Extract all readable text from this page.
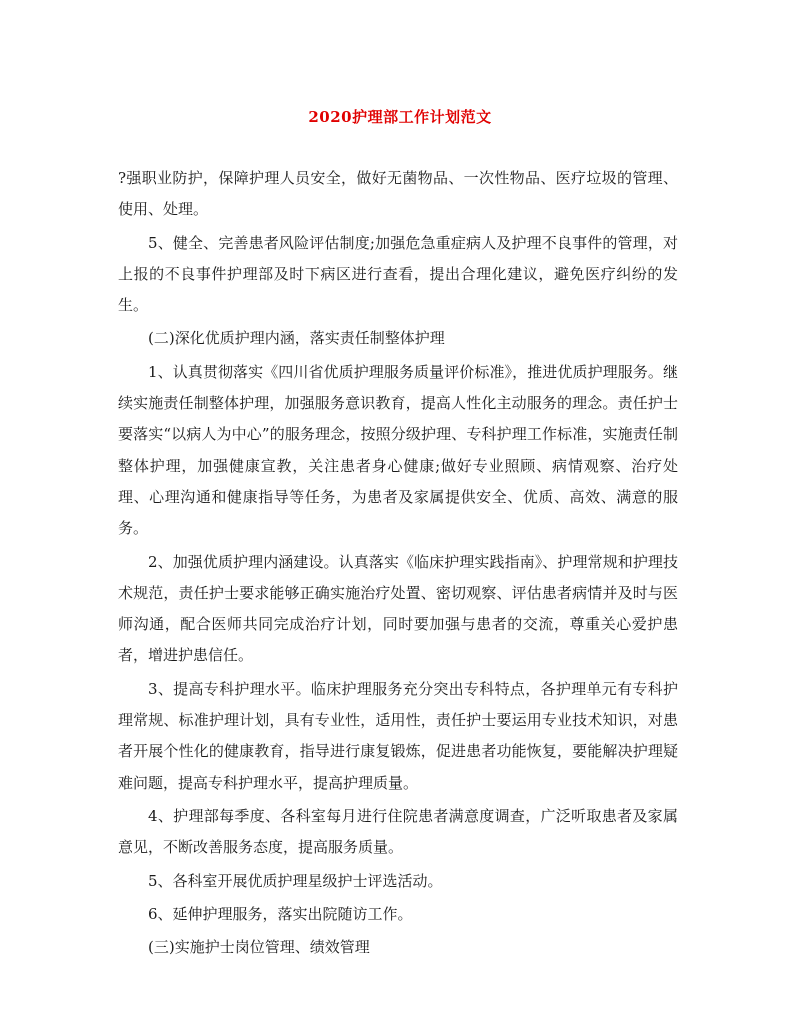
2020护理部工作计划范文

?强职业防护，保障护理人员安全，做好无菌物品、一次性物品、医疗垃圾的管理、使用、处理。

5、健全、完善患者风险评估制度;加强危急重症病人及护理不良事件的管理，对上报的不良事件护理部及时下病区进行查看，提出合理化建议，避免医疗纠纷的发生。

(二)深化优质护理内涵，落实责任制整体护理

1、认真贯彻落实《四川省优质护理服务质量评价标准》，推进优质护理服务。继续实施责任制整体护理，加强服务意识教育，提高人性化主动服务的理念。责任护士要落实“以病人为中心”的服务理念，按照分级护理、专科护理工作标准，实施责任制整体护理，加强健康宣教，关注患者身心健康;做好专业照顾、病情观察、治疗处理、心理沟通和健康指导等任务，为患者及家属提供安全、优质、高效、满意的服务。

2、加强优质护理内涵建设。认真落实《临床护理实践指南》、护理常规和护理技术规范，责任护士要求能够正确实施治疗处置、密切观察、评估患者病情并及时与医师沟通，配合医师共同完成治疗计划，同时要加强与患者的交流，尊重关心爱护患者，增进护患信任。

3、提高专科护理水平。临床护理服务充分突出专科特点，各护理单元有专科护理常规、标准护理计划，具有专业性，适用性，责任护士要运用专业技术知识，对患者开展个性化的健康教育，指导进行康复锻炼，促进患者功能恢复，要能解决护理疑难问题，提高专科护理水平，提高护理质量。

4、护理部每季度、各科室每月进行住院患者满意度调查，广泛听取患者及家属意见，不断改善服务态度，提高服务质量。

5、各科室开展优质护理星级护士评选活动。

6、延伸护理服务，落实出院随访工作。

(三)实施护士岗位管理、绩效管理
